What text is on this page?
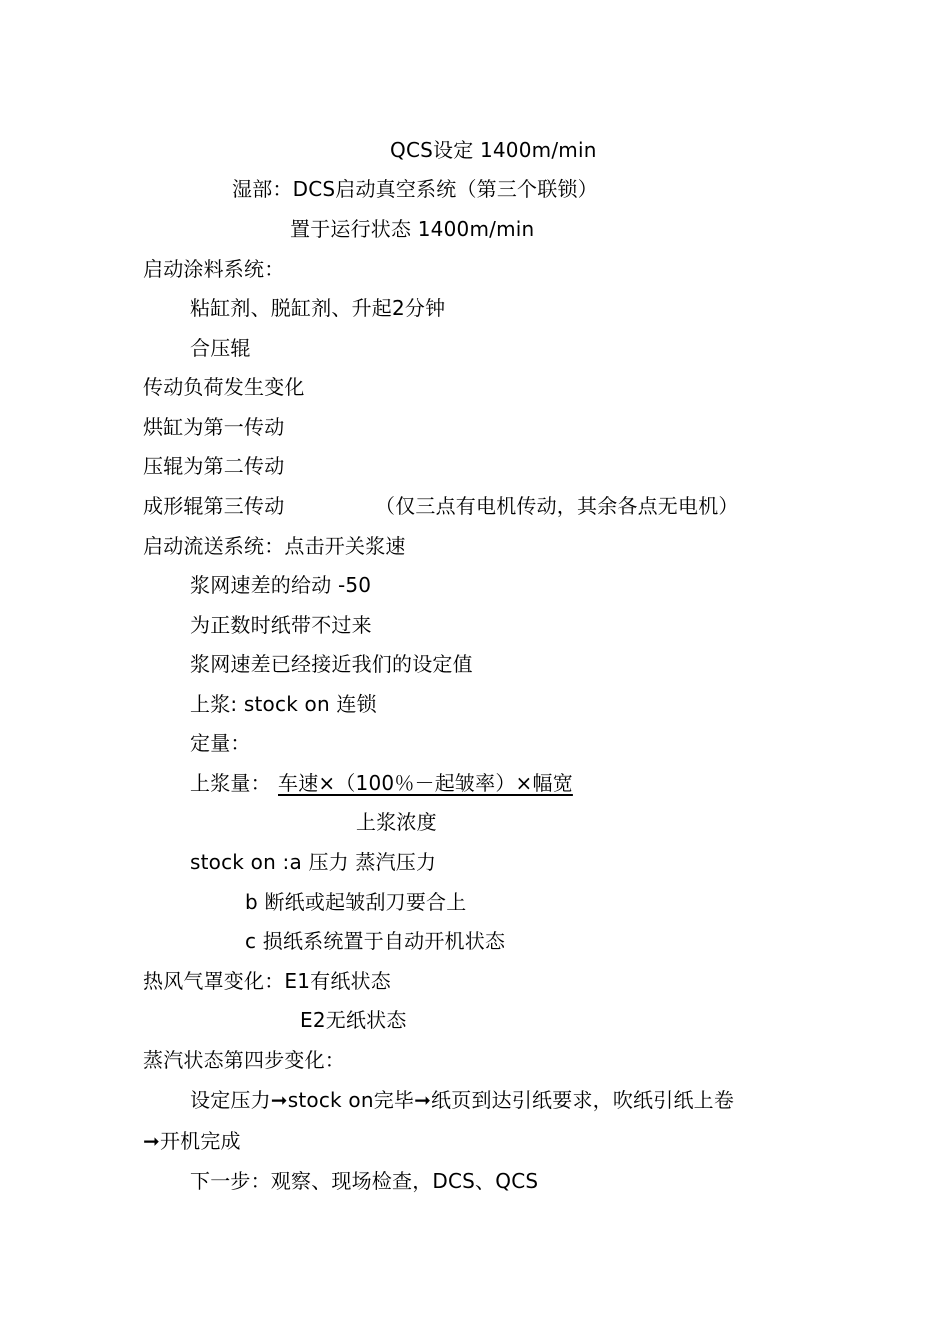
QCS设定 1400m/min
湿部：DCS启动真空系统（第三个联锁）
置于运行状态 1400m/min
启动涂料系统：
粘缸剂、脱缸剂、升起2分钟
合压辊
传动负荷发生变化
烘缸为第一传动
压辊为第二传动
成形辊第三传动	（仅三点有电机传动，其余各点无电机）
启动流送系统：点击开关浆速
浆网速差的给动 -50
为正数时纸带不过来
浆网速差已经接近我们的设定值
上浆: stock on 连锁
定量：
上浆量： 车速×（100％－起皱率）×幅宽
上浆浓度
stock on :a 压力 蒸汽压力
b 断纸或起皱刮刀要合上
c 损纸系统置于自动开机状态
热风气罩变化：E1有纸状态
E2无纸状态
蒸汽状态第四步变化：
设定压力➞stock on完毕➞纸页到达引纸要求，吹纸引纸上卷
➞开机完成
下一步：观察、现场检查，DCS、QCS
